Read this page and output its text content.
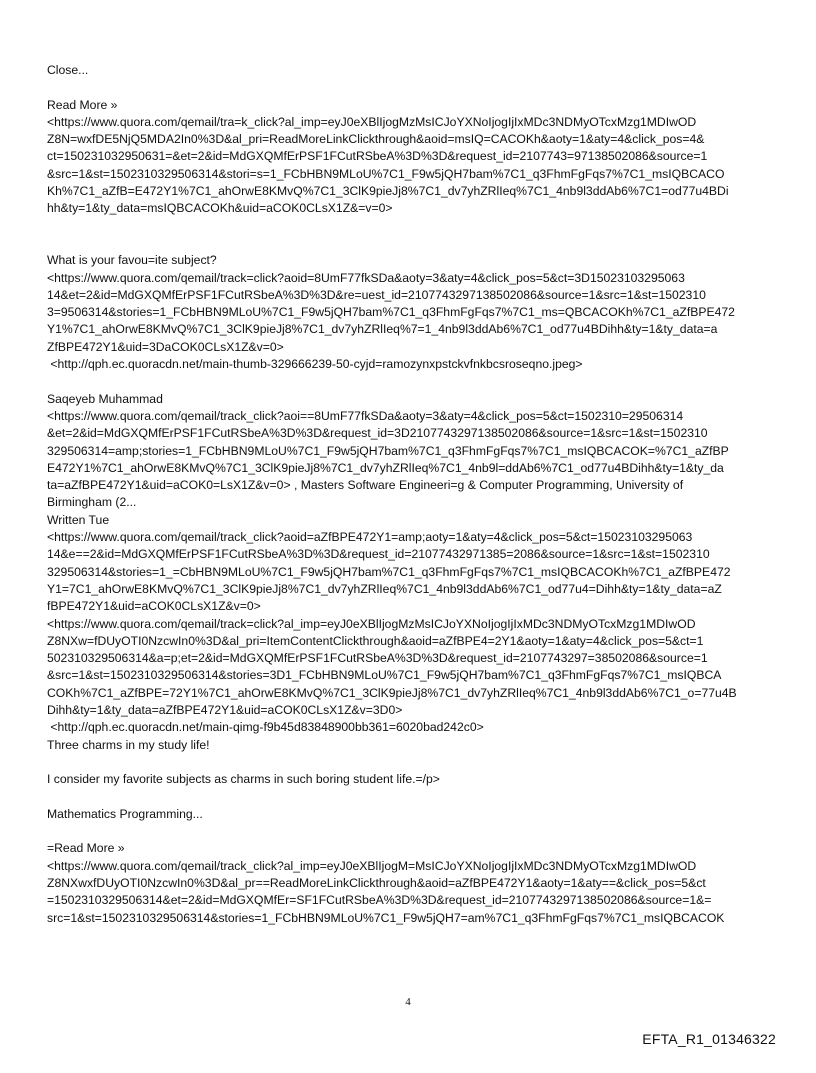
Close...
Read More »
<https://www.quora.com/qemail/tra=k_click?al_imp=eyJ0eXBlIjogMzMsICJoYXNoIjogIjIxMDc3NDMyOTcxMzg1MDIwOD
Z8N=wxfDE5NjQ5MDA2In0%3D&al_pri=ReadMoreLinkClickthrough&aoid=msIQ=CACOKh&aoty=1&aty=4&click_pos=4&
ct=150231032950631=&et=2&id=MdGXQMfErPSF1FCutRSbeA%3D%3D&request_id=2107743=97138502086&source=1
&src=1&st=1502310329506314&stori=s=1_FCbHBN9MLoU%7C1_F9w5jQH7bam%7C1_q3FhmFgFqs7%7C1_msIQBCACO
Kh%7C1_aZfB=E472Y1%7C1_ahOrwE8KMvQ%7C1_3ClK9pieJj8%7C1_dv7yhZRlIeq%7C1_4nb9l3ddAb6%7C1=od77u4BDi
hh&ty=1&ty_data=msIQBCACOKh&uid=aCOK0CLsX1Z&=v=0>
What is your favou=ite subject?
<https://www.quora.com/qemail/track=click?aoid=8UmF77fkSDa&aoty=3&aty=4&click_pos=5&ct=3D15023103295063
14&et=2&id=MdGXQMfErPSF1FCutRSbeA%3D%3D&re=uest_id=2107743297138502086&source=1&src=1&st=1502310
3=9506314&stories=1_FCbHBN9MLoU%7C1_F9w5jQH7bam%7C1_q3FhmFgFqs7%7C1_ms=QBCACOKh%7C1_aZfBPE472
Y1%7C1_ahOrwE8KMvQ%7C1_3ClK9pieJj8%7C1_dv7yhZRlIeq%7=1_4nb9l3ddAb6%7C1_od77u4BDihh&ty=1&ty_data=a
ZfBPE472Y1&uid=3DaCOK0CLsX1Z&v=0>
<http://qph.ec.quoracdn.net/main-thumb-329666239-50-cyjd=ramozynxpstckvfnkbcsroseqno.jpeg>
Saqeyeb Muhammad
<https://www.quora.com/qemail/track_click?aoi==8UmF77fkSDa&aoty=3&aty=4&click_pos=5&ct=1502310=29506314
&et=2&id=MdGXQMfErPSF1FCutRSbeA%3D%3D&request_id=3D2107743297138502086&source=1&src=1&st=1502310
329506314=amp;stories=1_FCbHBN9MLoU%7C1_F9w5jQH7bam%7C1_q3FhmFgFqs7%7C1_msIQBCACOK=%7C1_aZfBP
E472Y1%7C1_ahOrwE8KMvQ%7C1_3ClK9pieJj8%7C1_dv7yhZRlIeq%7C1_4nb9l=ddAb6%7C1_od77u4BDihh&ty=1&ty_da
ta=aZfBPE472Y1&uid=aCOK0=LsX1Z&v=0> , Masters Software Engineeri=g & Computer Programming, University of
Birmingham (2...
Written Tue
<https://www.quora.com/qemail/track_click?aoid=aZfBPE472Y1=amp;aoty=1&aty=4&click_pos=5&ct=15023103295063
14&e==2&id=MdGXQMfErPSF1FCutRSbeA%3D%3D&request_id=21077432971385=2086&source=1&src=1&st=1502310
329506314&stories=1_=CbHBN9MLoU%7C1_F9w5jQH7bam%7C1_q3FhmFgFqs7%7C1_msIQBCACOKh%7C1_aZfBPE472
Y1=7C1_ahOrwE8KMvQ%7C1_3ClK9pieJj8%7C1_dv7yhZRlIeq%7C1_4nb9l3ddAb6%7C1_od77u4=Dihh&ty=1&ty_data=aZ
fBPE472Y1&uid=aCOK0CLsX1Z&v=0>
<https://www.quora.com/qemail/track=click?al_imp=eyJ0eXBlIjogMzMsICJoYXNoIjogIjIxMDc3NDMyOTcxMzg1MDIwOD
Z8NXw=fDUyOTI0NzcwIn0%3D&al_pri=ItemContentClickthrough&aoid=aZfBPE4=2Y1&aoty=1&aty=4&click_pos=5&ct=1
502310329506314&a=p;et=2&id=MdGXQMfErPSF1FCutRSbeA%3D%3D&request_id=2107743297=38502086&source=1
&src=1&st=1502310329506314&stories=3D1_FCbHBN9MLoU%7C1_F9w5jQH7bam%7C1_q3FhmFgFqs7%7C1_msIQBCA
COKh%7C1_aZfBPE=72Y1%7C1_ahOrwE8KMvQ%7C1_3ClK9pieJj8%7C1_dv7yhZRlIeq%7C1_4nb9l3ddAb6%7C1_o=77u4B
Dihh&ty=1&ty_data=aZfBPE472Y1&uid=aCOK0CLsX1Z&v=3D0>
<http://qph.ec.quoracdn.net/main-qimg-f9b45d83848900bb361=6020bad242c0>
Three charms in my study life!
I consider my favorite subjects as charms in such boring student life.=/p>
Mathematics Programming...
=Read More »
<https://www.quora.com/qemail/track_click?al_imp=eyJ0eXBlIjogM=MsICJoYXNoIjogIjIxMDc3NDMyOTcxMzg1MDIwOD
Z8NXwxfDUyOTI0NzcwIn0%3D&al_pr==ReadMoreLinkClickthrough&aoid=aZfBPE472Y1&aoty=1&aty==&click_pos=5&ct
=1502310329506314&et=2&id=MdGXQMfEr=SF1FCutRSbeA%3D%3D&request_id=2107743297138502086&source=1&=
src=1&st=1502310329506314&stories=1_FCbHBN9MLoU%7C1_F9w5jQH7=am%7C1_q3FhmFgFqs7%7C1_msIQBCACOK
4
EFTA_R1_01346322
